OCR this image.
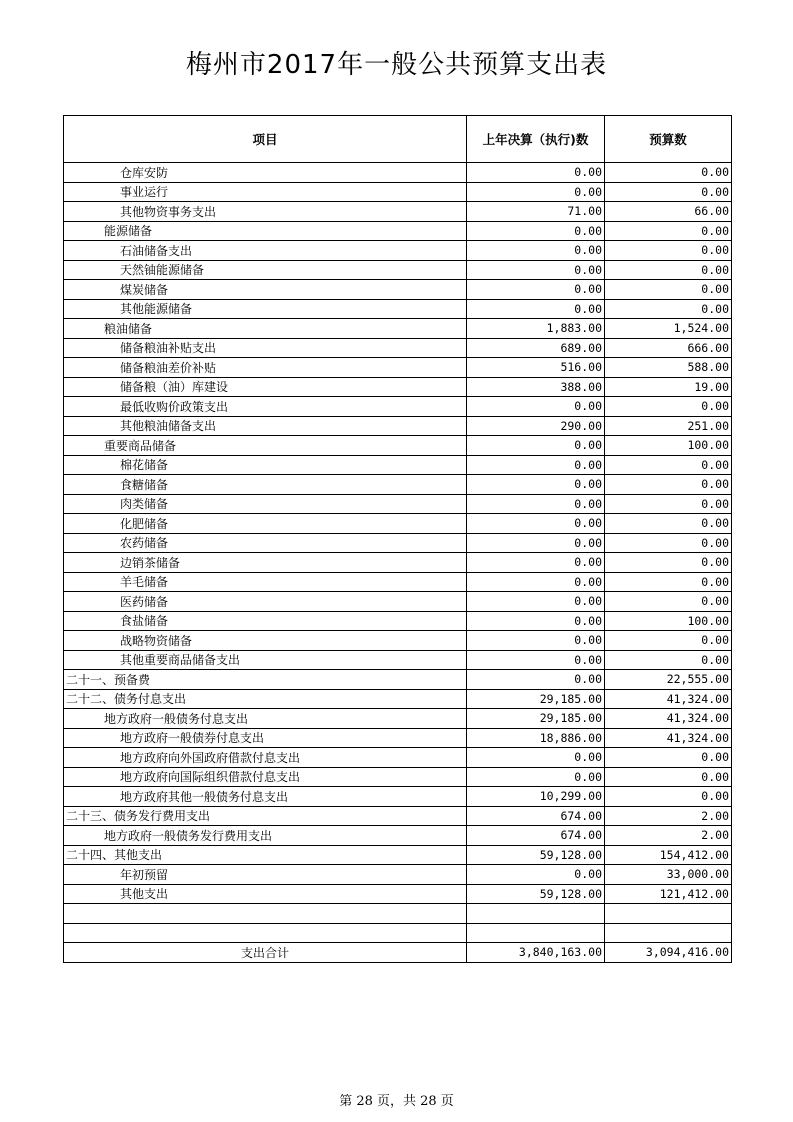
梅州市2017年一般公共预算支出表
项目	上年决算（执行)数	预算数
仓库安防	0.00	0.00
事业运行	0.00	0.00
其他物资事务支出	71.00	66.00
能源储备	0.00	0.00
石油储备支出	0.00	0.00
天然铀能源储备	0.00	0.00
煤炭储备	0.00	0.00
其他能源储备	0.00	0.00
粮油储备	1,883.00	1,524.00
储备粮油补贴支出	689.00	666.00
储备粮油差价补贴	516.00	588.00
储备粮（油）库建设	388.00	19.00
最低收购价政策支出	0.00	0.00
其他粮油储备支出	290.00	251.00
重要商品储备	0.00	100.00
棉花储备	0.00	0.00
食糖储备	0.00	0.00
肉类储备	0.00	0.00
化肥储备	0.00	0.00
农药储备	0.00	0.00
边销茶储备	0.00	0.00
羊毛储备	0.00	0.00
医药储备	0.00	0.00
食盐储备	0.00	100.00
战略物资储备	0.00	0.00
其他重要商品储备支出	0.00	0.00
二十一、预备费	0.00	22,555.00
二十二、债务付息支出	29,185.00	41,324.00
地方政府一般债务付息支出	29,185.00	41,324.00
地方政府一般债券付息支出	18,886.00	41,324.00
地方政府向外国政府借款付息支出	0.00	0.00
地方政府向国际组织借款付息支出	0.00	0.00
地方政府其他一般债务付息支出	10,299.00	0.00
二十三、债务发行费用支出	674.00	2.00
地方政府一般债务发行费用支出	674.00	2.00
二十四、其他支出	59,128.00	154,412.00
年初预留	0.00	33,000.00
其他支出	59,128.00	121,412.00

支出合计	3,840,163.00	3,094,416.00
第 28 页，共 28 页
